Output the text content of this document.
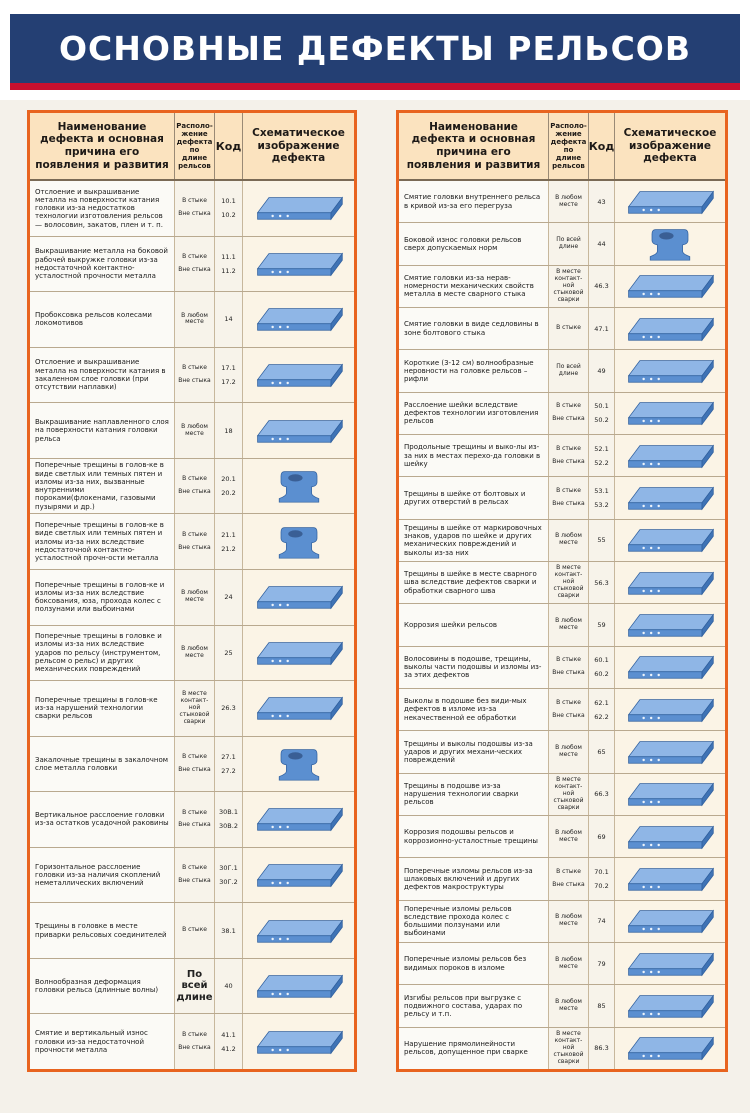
ОСНОВНЫЕ ДЕФЕКТЫ РЕЛЬСОВ
Наименование дефекта и основная причина его появления и развития
Располо-жение дефекта по длине рельсов
Код
Схематическое изображение дефекта
Отслоение и выкрашивание металла на поверхности катания головки из-за недостатков технологии изготовления рельсов — волосовин, закатов, плен и т. п.
В стыке
Вне стыка
10.1
10.2
Выкрашивание металла на боковой рабочей выкружке головки из-за недостаточной контактно-усталостной прочности металла
В стыке
Вне стыка
11.1
11.2
Пробоксовка рельсов колесами локомотивов
В любом месте	14
Отслоение и выкрашивание металла на поверхности катания в закаленном слое головки (при отсутствии наплавки)
В стыке
Вне стыка
17.1
17.2
Выкрашивание наплавленного слоя на поверхности катания головки рельса
В любом месте	18
Поперечные трещины в голов-ке в виде светлых или темных пятен и изломы из-за них, вызванные внутренними пороками(флокенами, газовыми пузырями и др.)
В стыке
Вне стыка
20.1
20.2
Поперечные трещины в голов-ке в виде светлых или темных пятен и изломы из-за них вследствие недостаточной контактно-усталостной прочн-ости металла
В стыке
Вне стыка
21.1
21.2
Поперечные трещины в голов-ке и изломы из-за них вследствие боксования, юза, прохода колес с ползунами или выбоинами
В любом месте	24
Поперечные трещины в головке и изломы из-за них вследствие ударов по рельсу (инструментом, рельсом о рельс) и других механических повреждений
В любом месте	25
Поперечные трещины в голов-ке из-за нарушений технологии сварки рельсов
В месте контакт-ной стыковой сварки
26.3
Закалочные трещины в закалочном слое металла головки
В стыке
Вне стыка
27.1
27.2
Вертикальное расслоение головки из-за остатков усадочной раковины
В стыке
Вне стыка
30В.1
30В.2
Горизонтальное расслоение головки из-за наличия скоплений неметаллических включений
В стыке
Вне стыка
30Г.1
30Г.2
Трещины в головке в месте приварки рельсовых соединителей
В стыке 38.1
Волнообразная деформация головки рельса (длинные волны)
По всей длине
40
Смятие и вертикальный износ головки из-за недостаточной прочности металла
В стыке
Вне стыка
41.1
41.2
Наименование дефекта и основная причина его появления и развития
Располо-жение дефекта по длине рельсов
Код
Схематическое изображение дефекта
Смятие головки внутреннего рельса в кривой из-за его перегруза
В любом месте	43
Боковой износ головки рельсов сверх допускаемых норм
По всей длине	44
Смятие головки из-за нерав-номерности механических свойств металла в месте сварного стыка
В месте контакт-ной стыковой сварки
46.3
Смятие головки в виде седловины в зоне болтового стыка
В стыке 47.1
Короткие (3-12 см) волнообразные неровности на головке рельсов – рифли
По всей длине	49
Расслоение шейки вследствие дефектов технологии изготовления рельсов
В стыке
Вне стыка
50.1
50.2
Продольные трещины и выко-лы из-за них в местах перехо-да головки в шейку
В стыке
Вне стыка
52.1
52.2
Трещины в шейке от болтовых и других отверстий в рельсах
В стыке
Вне стыка
53.1
53.2
Трещины в шейке от маркировочных знаков, ударов по шейке и других механических повреждений и выколы из-за них
В любом месте	55
Трещины в шейке в месте сварного шва вследствие дефектов сварки и обработки сварного шва
В месте контакт-ной стыковой сварки
56.3
Коррозия шейки рельсов
В любом месте	59
Волосовины в подошве, трещины, выколы части подошвы и изломы из-за этих дефектов
В стыке
Вне стыка
60.1
60.2
Выколы в подошве без види-мых дефектов в изломе из-за некачественной ее обработки
В стыке
Вне стыка
62.1
62.2
Трещины и выколы подошвы из-за ударов и других механи-ческих повреждений
В любом месте	65
Трещины в подошве из-за нарушения технологии сварки рельсов
В месте контакт-ной стыковой сварки
66.3
Коррозия подошвы рельсов и коррозионно-усталостные трещины
В любом месте	69
Поперечные изломы рельсов из-за шлаковых включений и других дефектов макроструктуры
В стыке
Вне стыка
70.1
70.2
Поперечные изломы рельсов вследствие прохода колес с большими ползунами или выбоинами
В любом месте	74
Поперечные изломы рельсов без видимых пороков в изломе
В любом месте	79
Изгибы рельсов при выгрузке с подвижного состава, ударах по рельсу и т.п.
В любом месте	85
Нарушение прямолинейности рельсов, допущенное при сварке
В месте контакт-ной стыковой сварки
86.3
